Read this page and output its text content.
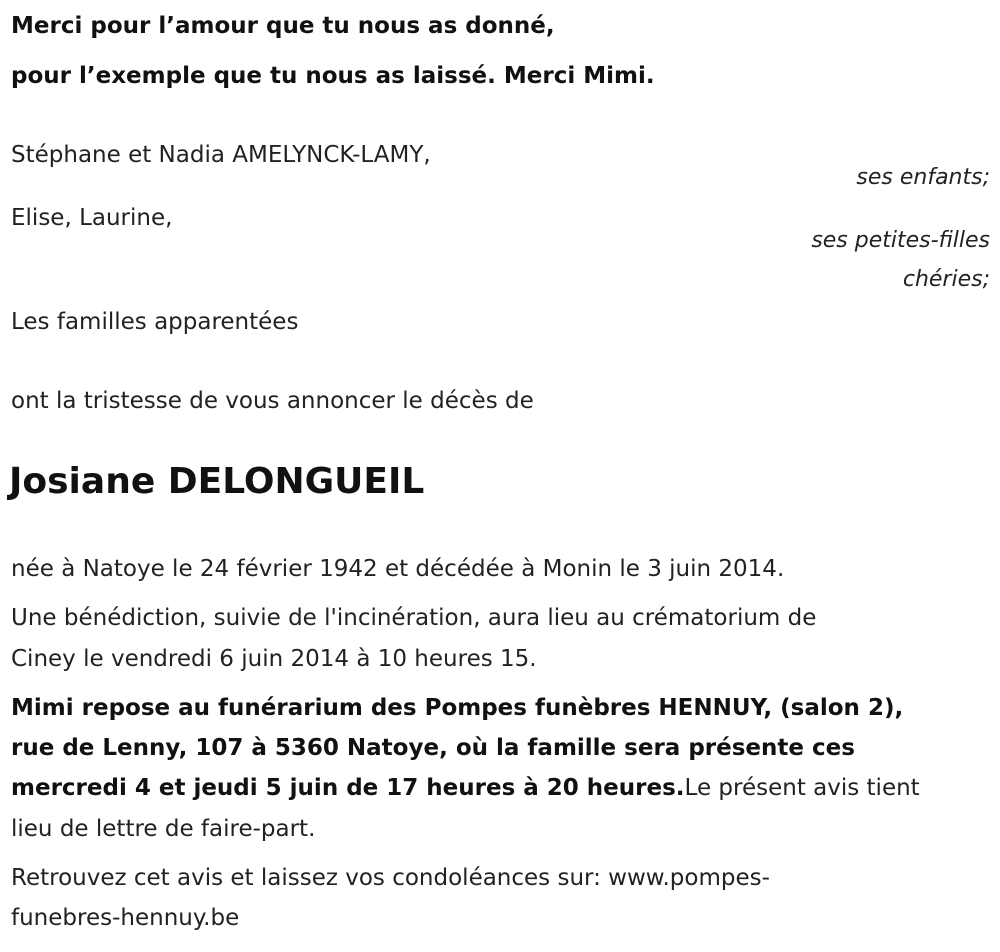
Merci pour l’amour que tu nous as donné,
pour l’exemple que tu nous as laissé. Merci Mimi.
Stéphane et Nadia AMELYNCK-LAMY,
ses enfants;
Elise, Laurine,
ses petites-filles
chéries;
Les familles apparentées
ont la tristesse de vous annoncer le décès de
Josiane DELONGUEIL
née à Natoye le 24 février 1942 et décédée à Monin le 3 juin 2014.
Une bénédiction, suivie de l'incinération, aura lieu au crématorium de
Ciney le vendredi 6 juin 2014 à 10 heures 15.
Mimi repose au funérarium des Pompes funèbres HENNUY, (salon 2),
rue de Lenny, 107 à 5360 Natoye, où la famille sera présente ces
mercredi 4 et jeudi 5 juin de 17 heures à 20 heures.Le présent avis tient
lieu de lettre de faire-part.
Retrouvez cet avis et laissez vos condoléances sur: www.pompes-
funebres-hennuy.be
